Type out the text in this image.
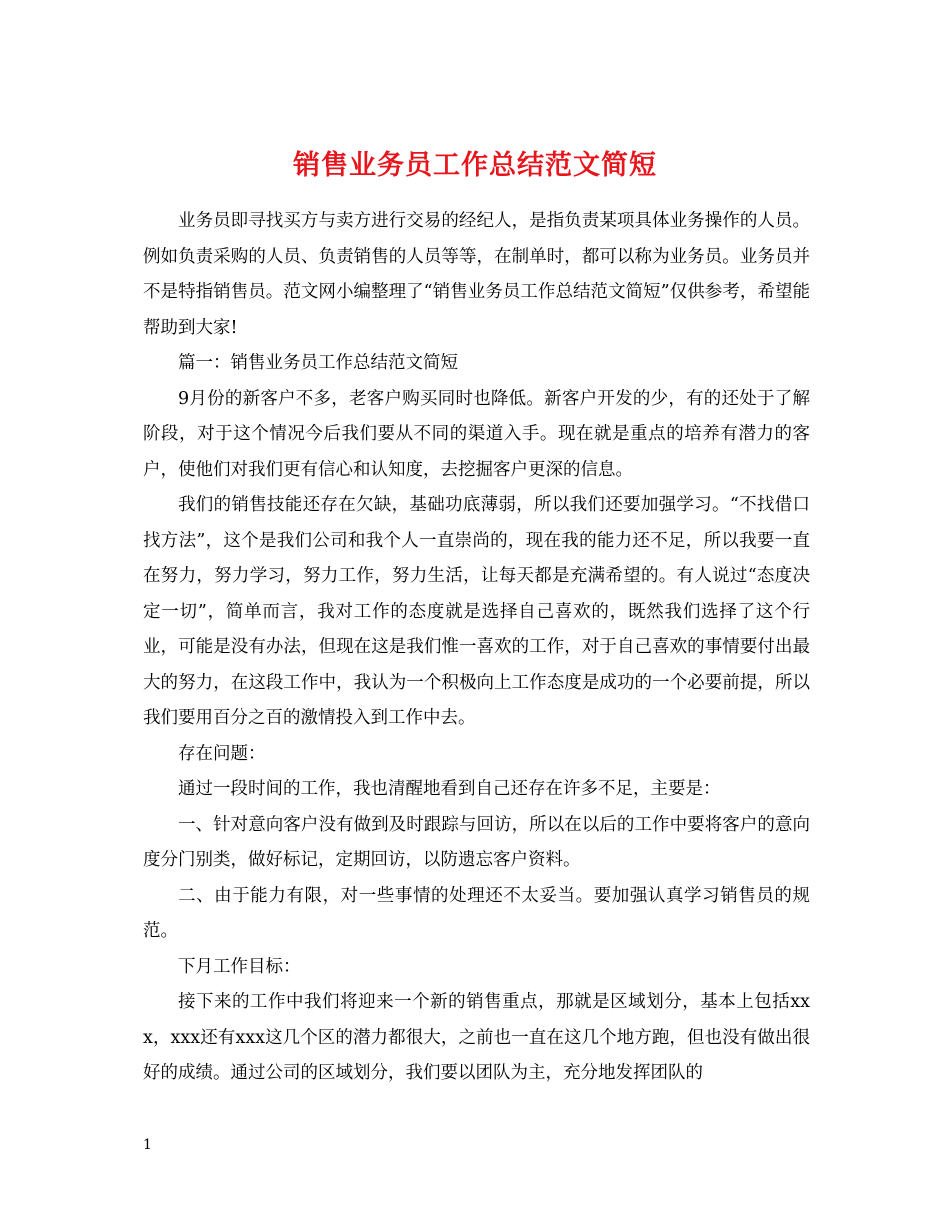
销售业务员工作总结范文简短

业务员即寻找买方与卖方进行交易的经纪人，是指负责某项具体业务操作的人员。例如负责采购的人员、负责销售的人员等等，在制单时，都可以称为业务员。业务员并不是特指销售员。范文网小编整理了“销售业务员工作总结范文简短”仅供参考，希望能帮助到大家!

篇一：销售业务员工作总结范文简短

9月份的新客户不多，老客户购买同时也降低。新客户开发的少，有的还处于了解阶段，对于这个情况今后我们要从不同的渠道入手。现在就是重点的培养有潜力的客户，使他们对我们更有信心和认知度，去挖掘客户更深的信息。

我们的销售技能还存在欠缺，基础功底薄弱，所以我们还要加强学习。“不找借口找方法”，这个是我们公司和我个人一直崇尚的，现在我的能力还不足，所以我要一直在努力，努力学习，努力工作，努力生活，让每天都是充满希望的。有人说过“态度决定一切”，简单而言，我对工作的态度就是选择自己喜欢的，既然我们选择了这个行业，可能是没有办法，但现在这是我们惟一喜欢的工作，对于自己喜欢的事情要付出最大的努力，在这段工作中，我认为一个积极向上工作态度是成功的一个必要前提，所以我们要用百分之百的激情投入到工作中去。

存在问题：

通过一段时间的工作，我也清醒地看到自己还存在许多不足，主要是：

一、针对意向客户没有做到及时跟踪与回访，所以在以后的工作中要将客户的意向度分门别类，做好标记，定期回访，以防遗忘客户资料。

二、由于能力有限，对一些事情的处理还不太妥当。要加强认真学习销售员的规范。

下月工作目标：

接下来的工作中我们将迎来一个新的销售重点，那就是区域划分，基本上包括xxx，xxx还有xxx这几个区的潜力都很大，之前也一直在这几个地方跑，但也没有做出很好的成绩。通过公司的区域划分，我们要以团队为主，充分地发挥团队的

1
